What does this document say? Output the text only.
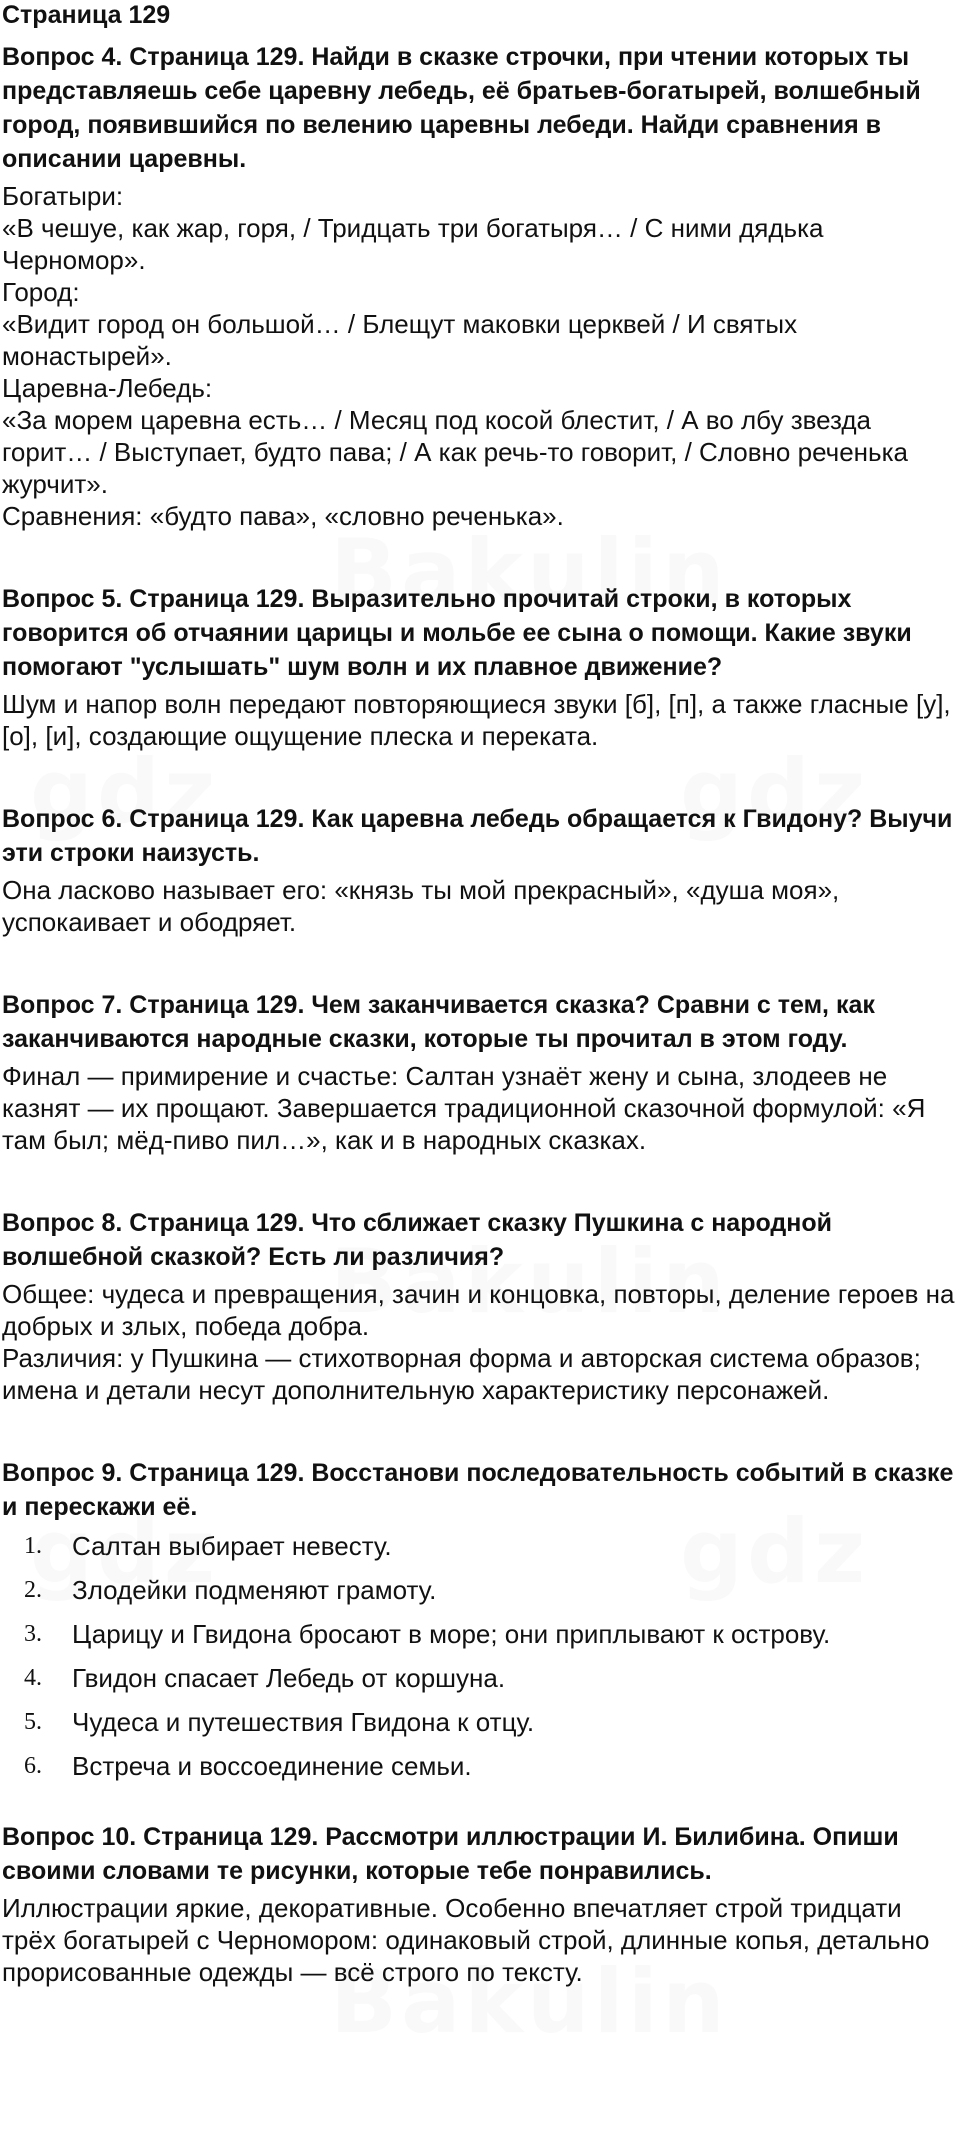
Страница 129
Вопрос 4. Страница 129. Найди в сказке строчки, при чтении которых ты представляешь себе царевну лебедь, её братьев-богатырей, волшебный город, появившийся по велению царевны лебеди. Найди сравнения в описании царевны.

Богатыри:

«В чешуе, как жар, горя, / Тридцать три богатыря… / С ними дядька Черномор».

Город:

«Видит город он большой… / Блещут маковки церквей / И святых монастырей».

Царевна-Лебедь:

«За морем царевна есть… / Месяц под косой блестит, / А во лбу звезда горит… / Выступает, будто пава; / А как речь-то говорит, / Словно реченька журчит».

Сравнения: «будто пава», «словно реченька».

Вопрос 5. Страница 129. Выразительно прочитай строки, в которых говорится об отчаянии царицы и мольбе ее сына о помощи. Какие звуки помогают "услышать" шум волн и их плавное движение?

Шум и напор волн передают повторяющиеся звуки [б], [п], а также гласные [у], [о], [и], создающие ощущение плеска и переката.

Вопрос 6. Страница 129. Как царевна лебедь обращается к Гвидону? Выучи эти строки наизусть.

Она ласково называет его: «князь ты мой прекрасный», «душа моя», успокаивает и ободряет.

Вопрос 7. Страница 129. Чем заканчивается сказка? Сравни с тем, как заканчиваются народные сказки, которые ты прочитал в этом году.

Финал — примирение и счастье: Салтан узнаёт жену и сына, злодеев не казнят — их прощают. Завершается традиционной сказочной формулой: «Я там был; мёд-пиво пил…», как и в народных сказках.

Вопрос 8. Страница 129. Что сближает сказку Пушкина с народной волшебной сказкой? Есть ли различия?

Общее: чудеса и превращения, зачин и концовка, повторы, деление героев на добрых и злых, победа добра.

Различия: у Пушкина — стихотворная форма и авторская система образов; имена и детали несут дополнительную характеристику персонажей.

Вопрос 9. Страница 129. Восстанови последовательность событий в сказке и перескажи её.
1.	Салтан выбирает невесту.
2.	Злодейки подменяют грамоту.
3.	Царицу и Гвидона бросают в море; они приплывают к острову.
4.	Гвидон спасает Лебедь от коршуна.
5.	Чудеса и путешествия Гвидона к отцу.
6.	Встреча и воссоединение семьи.
Вопрос 10. Страница 129. Рассмотри иллюстрации И. Билибина. Опиши своими словами те рисунки, которые тебе понравились.

Иллюстрации яркие, декоративные. Особенно впечатляет строй тридцати трёх богатырей с Черномором: одинаковый строй, длинные копья, детально прорисованные одежды — всё строго по тексту.
